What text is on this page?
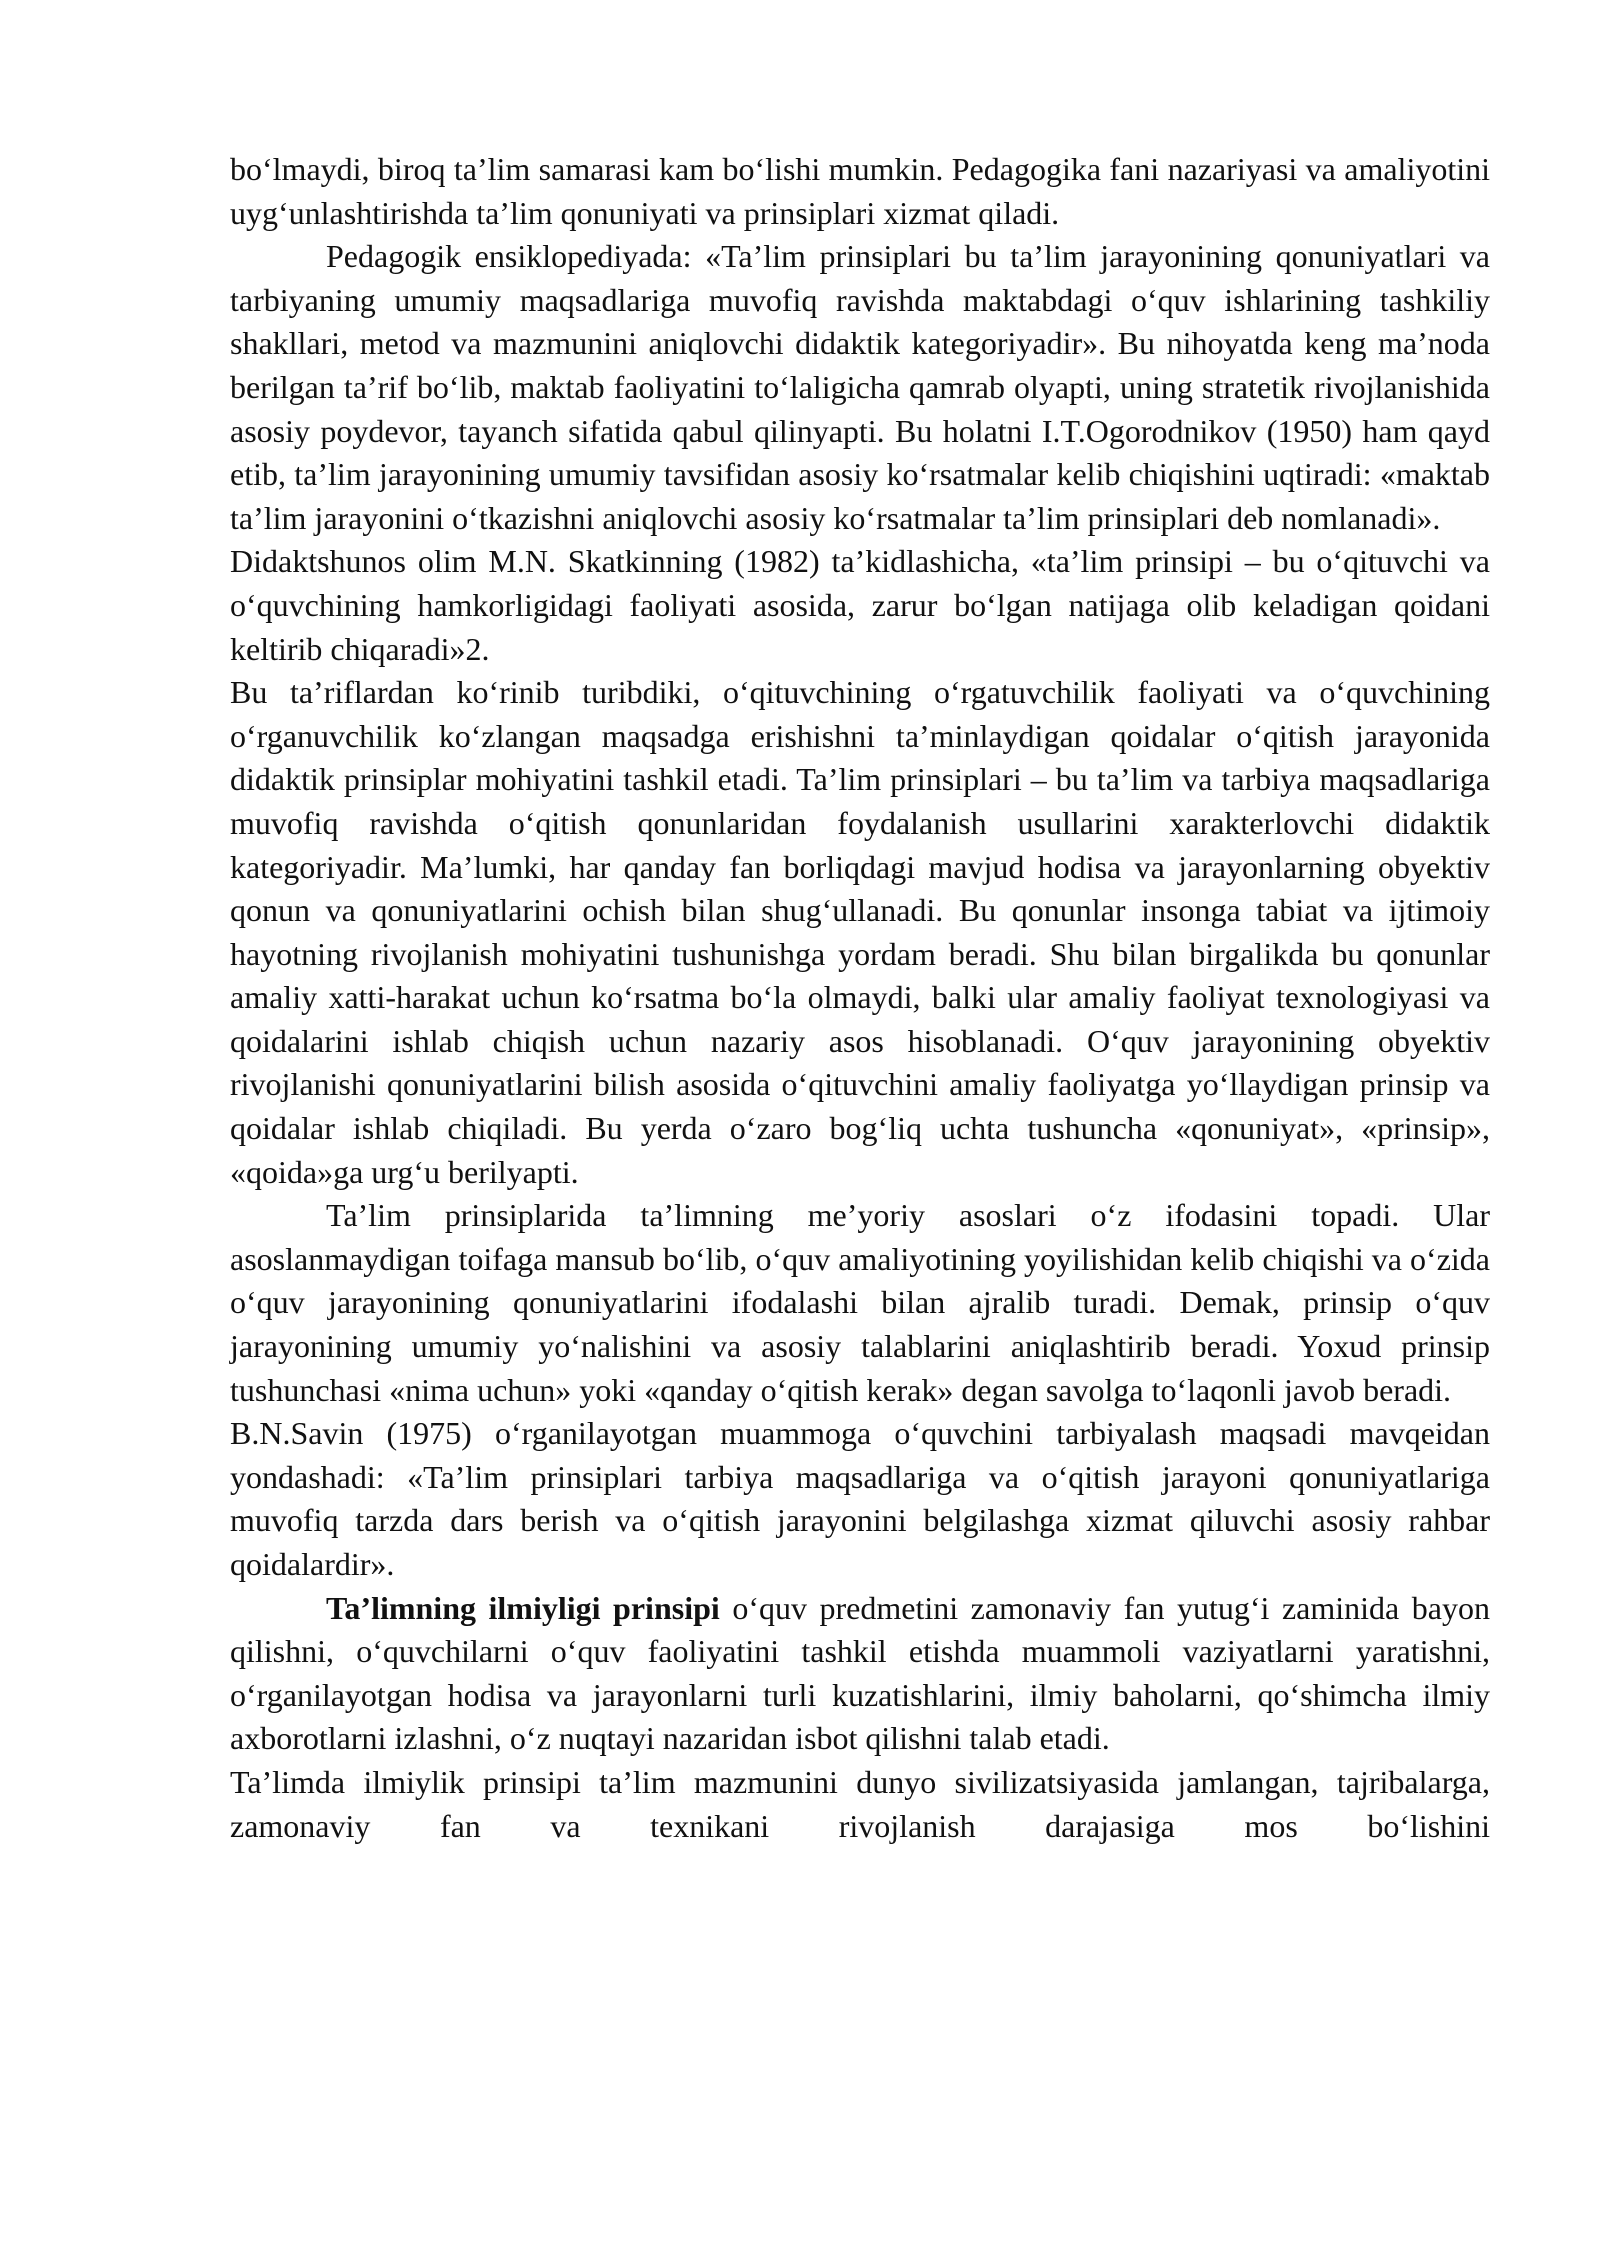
boʻlmaydi, biroq taʼlim samarasi kam boʻlishi mumkin. Pedagogika fani nazariyasi va amaliyotini uygʻunlashtirishda taʼlim qonuniyati va prinsiplari xizmat qiladi.

Pedagogik ensiklopediyada: «Taʼlim prinsiplari bu taʼlim jarayonining qonuniyatlari va tarbiyaning umumiy maqsadlariga muvofiq ravishda maktabdagi oʻquv ishlarining tashkiliy shakllari, metod va mazmunini aniqlovchi didaktik kategoriyadir». Bu nihoyatda keng maʼnoda berilgan taʼrif boʻlib, maktab faoliyatini toʻlaligicha qamrab olyapti, uning stratetik rivojlanishida asosiy poydevor, tayanch sifatida qabul qilinyapti. Bu holatni I.T.Ogorodnikov (1950) ham qayd etib, taʼlim jarayonining umumiy tavsifidan asosiy koʻrsatmalar kelib chiqishini uqtiradi: «maktab taʼlim jarayonini oʻtkazishni aniqlovchi asosiy koʻrsatmalar taʼlim prinsiplari deb nomlanadi».

Didaktshunos olim M.N. Skatkinning (1982) taʼkidlashicha, «taʼlim prinsipi – bu oʻqituvchi va oʻquvchining hamkorligidagi faoliyati asosida, zarur boʻlgan natijaga olib keladigan qoidani keltirib chiqaradi»2.

Bu taʼriflardan koʻrinib turibdiki, oʻqituvchining oʻrgatuvchilik faoliyati va oʻquvchining oʻrganuvchilik koʻzlangan maqsadga erishishni taʼminlaydigan qoidalar oʻqitish jarayonida didaktik prinsiplar mohiyatini tashkil etadi. Taʼlim prinsiplari – bu taʼlim va tarbiya maqsadlariga muvofiq ravishda oʻqitish qonunlaridan foydalanish usullarini xarakterlovchi didaktik kategoriyadir. Maʼlumki, har qanday fan borliqdagi mavjud hodisa va jarayonlarning obyektiv qonun va qonuniyatlarini ochish bilan shugʻullanadi. Bu qonunlar insonga tabiat va ijtimoiy hayotning rivojlanish mohiyatini tushunishga yordam beradi. Shu bilan birgalikda bu qonunlar amaliy xatti-harakat uchun koʻrsatma boʻla olmaydi, balki ular amaliy faoliyat texnologiyasi va qoidalarini ishlab chiqish uchun nazariy asos hisoblanadi. Oʻquv jarayonining obyektiv rivojlanishi qonuniyatlarini bilish asosida oʻqituvchini amaliy faoliyatga yoʻllaydigan prinsip va qoidalar ishlab chiqiladi. Bu yerda oʻzaro bogʻliq uchta tushuncha «qonuniyat», «prinsip», «qoida»ga urgʻu berilyapti.

Taʼlim prinsiplarida taʼlimning meʼyoriy asoslari oʻz ifodasini topadi. Ular asoslanmaydigan toifaga mansub boʻlib, oʻquv amaliyotining yoyilishidan kelib chiqishi va oʻzida oʻquv jarayonining qonuniyatlarini ifodalashi bilan ajralib turadi. Demak, prinsip oʻquv jarayonining umumiy yoʻnalishini va asosiy talablarini aniqlashtirib beradi. Yoxud prinsip tushunchasi «nima uchun» yoki «qanday oʻqitish kerak» degan savolga toʻlaqonli javob beradi.

B.N.Savin (1975) oʻrganilayotgan muammoga oʻquvchini tarbiyalash maqsadi mavqeidan yondashadi: «Taʼlim prinsiplari tarbiya maqsadlariga va oʻqitish jarayoni qonuniyatlariga muvofiq tarzda dars berish va oʻqitish jarayonini belgilashga xizmat qiluvchi asosiy rahbar qoidalardir».

Taʼlimning ilmiyligi prinsipi oʻquv predmetini zamonaviy fan yutugʻi zaminida bayon qilishni, oʻquvchilarni oʻquv faoliyatini tashkil etishda muammoli vaziyatlarni yaratishni, oʻrganilayotgan hodisa va jarayonlarni turli kuzatishlarini, ilmiy baholarni, qoʻshimcha ilmiy axborotlarni izlashni, oʻz nuqtayi nazaridan isbot qilishni talab etadi.

Taʼlimda ilmiylik prinsipi taʼlim mazmunini dunyo sivilizatsiyasida jamlangan, tajribalarga, zamonaviy fan va texnikani rivojlanish darajasiga mos boʻlishini
